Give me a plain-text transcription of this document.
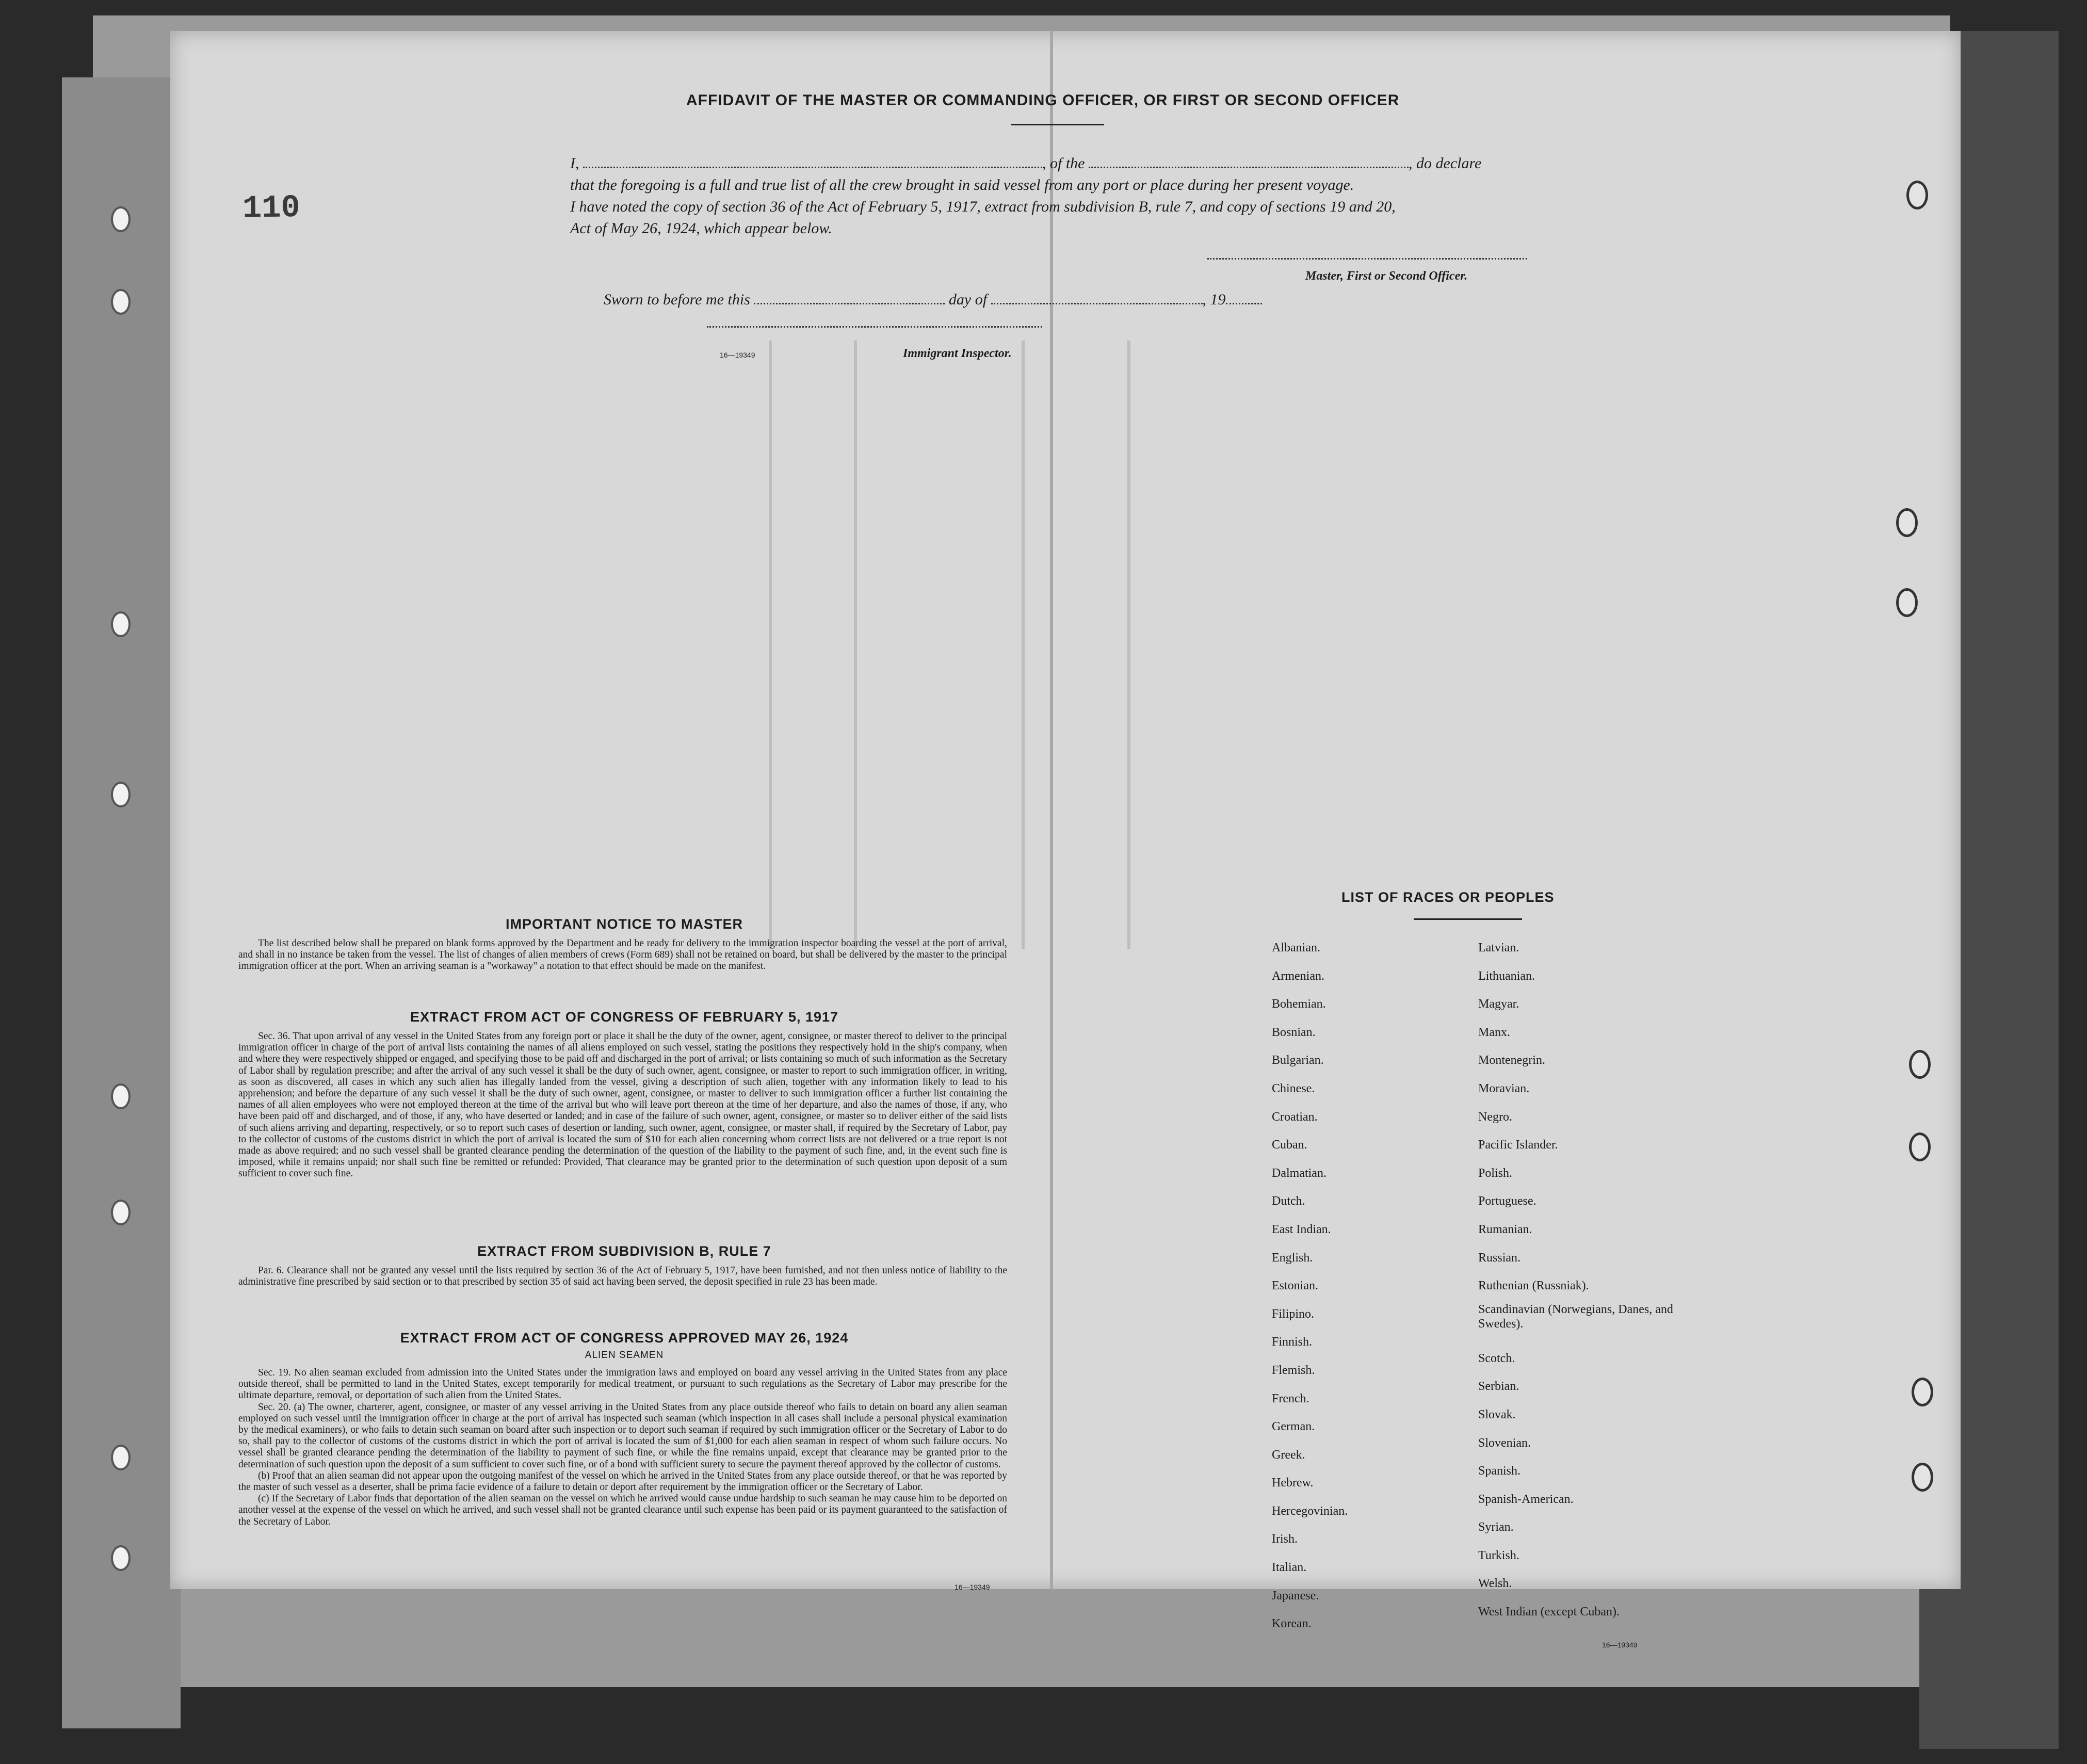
110
AFFIDAVIT OF THE MASTER OR COMMANDING OFFICER, OR FIRST OR SECOND OFFICER
I,	, of the	, do declare
that the foregoing is a full and true list of all the crew brought in said vessel from any port or place during her present voyage.
I have noted the copy of section 36 of the Act of February 5, 1917, extract from subdivision B, rule 7, and copy of sections 19 and 20,
Act of May 26, 1924, which appear below.
Master, First or Second Officer.
Sworn to before me this	day of	, 19
16—19349	Immigrant Inspector.
IMPORTANT NOTICE TO MASTER

The list described below shall be prepared on blank forms approved by the Department and be ready for delivery to the immigration inspector boarding the vessel at the port of arrival, and shall in no instance be taken from the vessel. The list of changes of alien members of crews (Form 689) shall not be retained on board, but shall be delivered by the master to the principal immigration officer at the port. When an arriving seaman is a "workaway" a notation to that effect should be made on the manifest.

EXTRACT FROM ACT OF CONGRESS OF FEBRUARY 5, 1917

Sec. 36. That upon arrival of any vessel in the United States from any foreign port or place it shall be the duty of the owner, agent, consignee, or master thereof to deliver to the principal immigration officer in charge of the port of arrival lists containing the names of all aliens employed on such vessel, stating the positions they respectively hold in the ship's company, when and where they were respectively shipped or engaged, and specifying those to be paid off and discharged in the port of arrival; or lists containing so much of such information as the Secretary of Labor shall by regulation prescribe; and after the arrival of any such vessel it shall be the duty of such owner, agent, consignee, or master to report to such immigration officer, in writing, as soon as discovered, all cases in which any such alien has illegally landed from the vessel, giving a description of such alien, together with any information likely to lead to his apprehension; and before the departure of any such vessel it shall be the duty of such owner, agent, consignee, or master to deliver to such immigration officer a further list containing the names of all alien employees who were not employed thereon at the time of the arrival but who will leave port thereon at the time of her departure, and also the names of those, if any, who have been paid off and discharged, and of those, if any, who have deserted or landed; and in case of the failure of such owner, agent, consignee, or master so to deliver either of the said lists of such aliens arriving and departing, respectively, or so to report such cases of desertion or landing, such owner, agent, consignee, or master shall, if required by the Secretary of Labor, pay to the collector of customs of the customs district in which the port of arrival is located the sum of $10 for each alien concerning whom correct lists are not delivered or a true report is not made as above required; and no such vessel shall be granted clearance pending the determination of the question of the liability to the payment of such fine, and, in the event such fine is imposed, while it remains unpaid; nor shall such fine be remitted or refunded: Provided, That clearance may be granted prior to the determination of such question upon deposit of a sum sufficient to cover such fine.

EXTRACT FROM SUBDIVISION B, RULE 7

Par. 6. Clearance shall not be granted any vessel until the lists required by section 36 of the Act of February 5, 1917, have been furnished, and not then unless notice of liability to the administrative fine prescribed by said section or to that prescribed by section 35 of said act having been served, the deposit specified in rule 23 has been made.

EXTRACT FROM ACT OF CONGRESS APPROVED MAY 26, 1924
ALIEN SEAMEN

Sec. 19. No alien seaman excluded from admission into the United States under the immigration laws and employed on board any vessel arriving in the United States from any place outside thereof, shall be permitted to land in the United States, except temporarily for medical treatment, or pursuant to such regulations as the Secretary of Labor may prescribe for the ultimate departure, removal, or deportation of such alien from the United States.

Sec. 20. (a) The owner, charterer, agent, consignee, or master of any vessel arriving in the United States from any place outside thereof who fails to detain on board any alien seaman employed on such vessel until the immigration officer in charge at the port of arrival has inspected such seaman (which inspection in all cases shall include a personal physical examination by the medical examiners), or who fails to detain such seaman on board after such inspection or to deport such seaman if required by such immigration officer or the Secretary of Labor to do so, shall pay to the collector of customs of the customs district in which the port of arrival is located the sum of $1,000 for each alien seaman in respect of whom such failure occurs. No vessel shall be granted clearance pending the determination of the liability to payment of such fine, or while the fine remains unpaid, except that clearance may be granted prior to the determination of such question upon the deposit of a sum sufficient to cover such fine, or of a bond with sufficient surety to secure the payment thereof approved by the collector of customs.

(b) Proof that an alien seaman did not appear upon the outgoing manifest of the vessel on which he arrived in the United States from any place outside thereof, or that he was reported by the master of such vessel as a deserter, shall be prima facie evidence of a failure to detain or deport after requirement by the immigration officer or the Secretary of Labor.

(c) If the Secretary of Labor finds that deportation of the alien seaman on the vessel on which he arrived would cause undue hardship to such seaman he may cause him to be deported on another vessel at the expense of the vessel on which he arrived, and such vessel shall not be granted clearance until such expense has been paid or its payment guaranteed to the satisfaction of the Secretary of Labor.

16—19349
LIST OF RACES OR PEOPLES
Albanian.
Armenian.
Bohemian.
Bosnian.
Bulgarian.
Chinese.
Croatian.
Cuban.
Dalmatian.
Dutch.
East Indian.
English.
Estonian.
Filipino.
Finnish.
Flemish.
French.
German.
Greek.
Hebrew.
Hercegovinian.
Irish.
Italian.
Japanese.
Korean.
Latvian.
Lithuanian.
Magyar.
Manx.
Montenegrin.
Moravian.
Negro.
Pacific Islander.
Polish.
Portuguese.
Rumanian.
Russian.
Ruthenian (Russniak).
Scandinavian (Norwegians, Danes, and Swedes).
Scotch.
Serbian.
Slovak.
Slovenian.
Spanish.
Spanish-American.
Syrian.
Turkish.
Welsh.
West Indian (except Cuban).
16—19349
